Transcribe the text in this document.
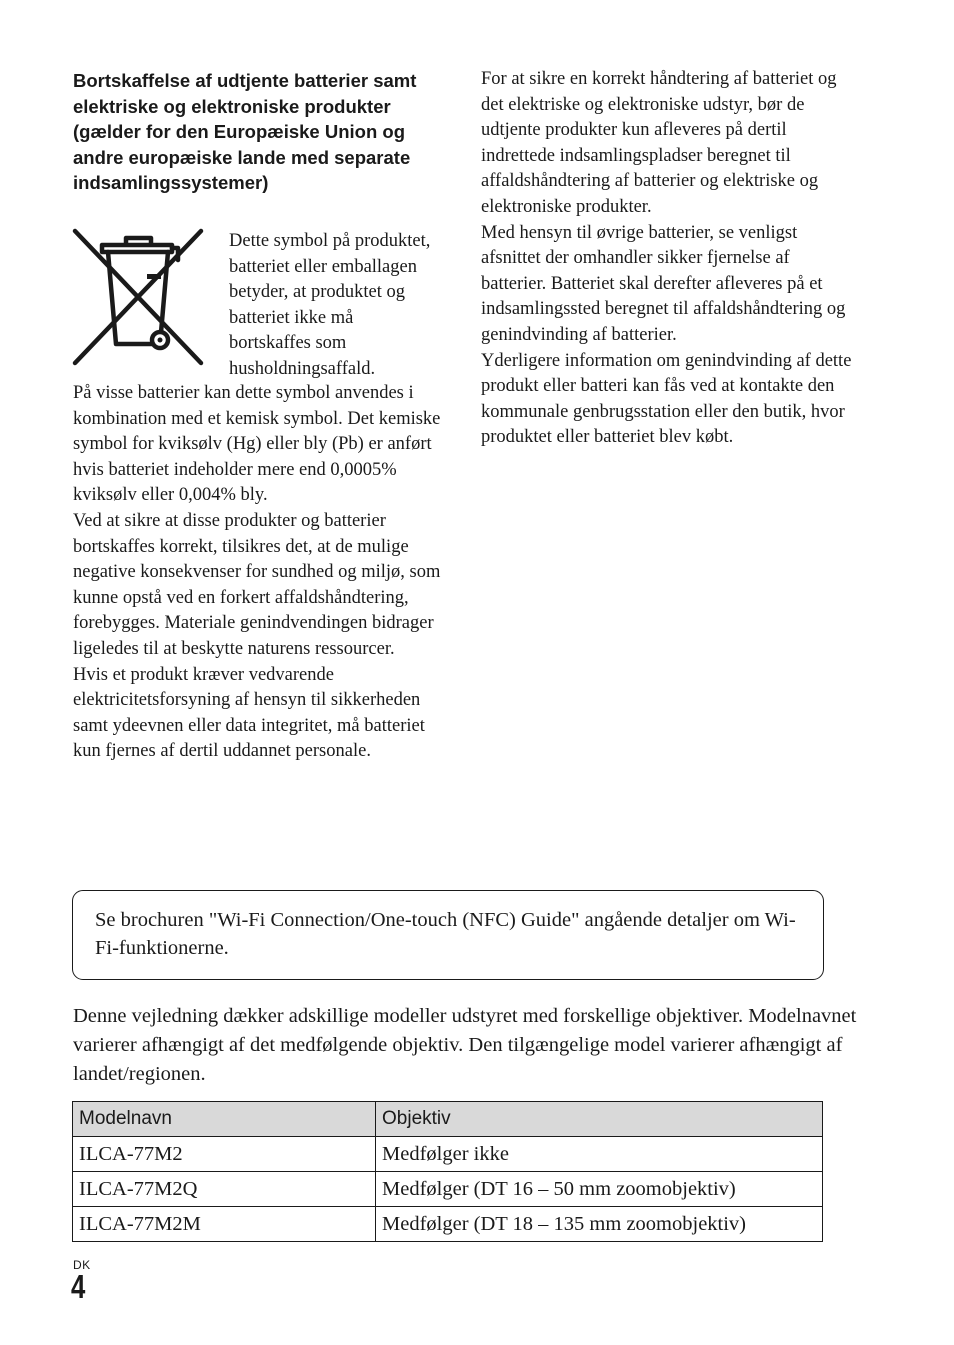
Bortskaffelse af udtjente batterier samt elektriske og elektroniske produkter (gælder for den Europæiske Union og andre europæiske lande med separate indsamlingssystemer)

Dette symbol på produktet, batteriet eller emballagen betyder, at produktet og batteriet ikke må bortskaffes som husholdningsaffald.

På visse batterier kan dette symbol anvendes i kombination med et kemisk symbol. Det kemiske symbol for kviksølv (Hg) eller bly (Pb) er anført hvis batteriet indeholder mere end 0,0005% kviksølv eller 0,004% bly.

Ved at sikre at disse produkter og batterier bortskaffes korrekt, tilsikres det, at de mulige negative konsekvenser for sundhed og miljø, som kunne opstå ved en forkert affaldshåndtering, forebygges. Materiale genindvendingen bidrager ligeledes til at beskytte naturens ressourcer.

Hvis et produkt kræver vedvarende elektricitetsforsyning af hensyn til sikkerheden samt ydeevnen eller data integritet, må batteriet kun fjernes af dertil uddannet personale.

For at sikre en korrekt håndtering af batteriet og det elektriske og elektroniske udstyr, bør de udtjente produkter kun afleveres på dertil indrettede indsamlingspladser beregnet til affaldshåndtering af batterier og elektriske og elektroniske produkter.

Med hensyn til øvrige batterier, se venligst afsnittet der omhandler sikker fjernelse af batterier. Batteriet skal derefter afleveres på et indsamlingssted beregnet til affaldshåndtering og genindvinding af batterier.

Yderligere information om genindvinding af dette produkt eller batteri kan fås ved at kontakte den kommunale genbrugsstation eller den butik, hvor produktet eller batteriet blev købt.

Se brochuren "Wi-Fi Connection/One-touch (NFC) Guide" angående detaljer om Wi-Fi-funktionerne.

Denne vejledning dækker adskillige modeller udstyret med forskellige objektiver. Modelnavnet varierer afhængigt af det medfølgende objektiv. Den tilgængelige model varierer afhængigt af landet/regionen.

Modelnavn	Objektiv
ILCA-77M2	Medfølger ikke
ILCA-77M2Q	Medfølger (DT 16 – 50 mm zoomobjektiv)
ILCA-77M2M	Medfølger (DT 18 – 135 mm zoomobjektiv)
DK
4
